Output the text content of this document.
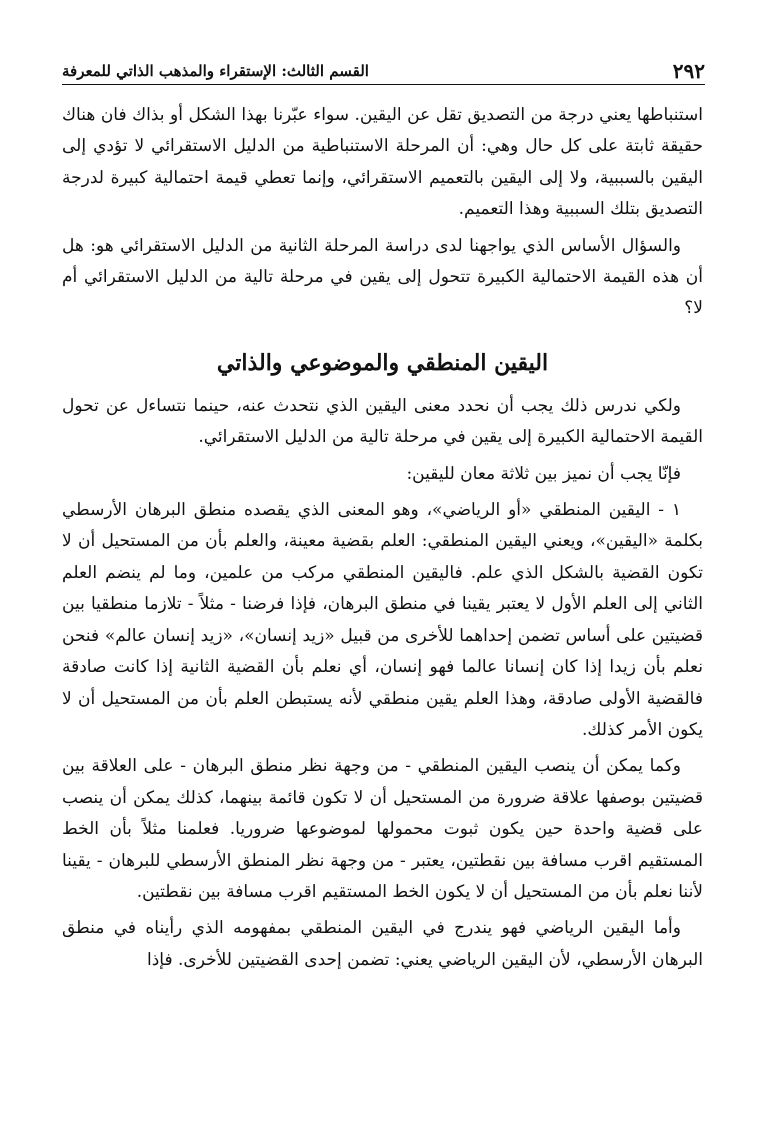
٢٩٢
القسم الثالث: الإستقراء والمذهب الذاتي للمعرفة

استنباطها يعني درجة من التصديق تقل عن اليقين. سواء عبّرنا بهذا الشكل أو بذاك فان هناك حقيقة ثابتة على كل حال وهي: أن المرحلة الاستنباطية من الدليل الاستقرائي لا تؤدي إلى اليقين بالسببية، ولا إلى اليقين بالتعميم الاستقرائي، وإنما تعطي قيمة احتمالية كبيرة لدرجة التصديق بتلك السببية وهذا التعميم.

والسؤال الأساس الذي يواجهنا لدى دراسة المرحلة الثانية من الدليل الاستقرائي هو: هل أن هذه القيمة الاحتمالية الكبيرة تتحول إلى يقين في مرحلة تالية من الدليل الاستقرائي أم لا؟

اليقين المنطقي والموضوعي والذاتي

ولكي ندرس ذلك يجب أن نحدد معنى اليقين الذي نتحدث عنه، حينما نتساءل عن تحول القيمة الاحتمالية الكبيرة إلى يقين في مرحلة تالية من الدليل الاستقرائي.

فإنّا يجب أن نميز بين ثلاثة معان لليقين:

١ - اليقين المنطقي «أو الرياضي»، وهو المعنى الذي يقصده منطق البرهان الأرسطي بكلمة «اليقين»، ويعني اليقين المنطقي: العلم بقضية معينة، والعلم بأن من المستحيل أن لا تكون القضية بالشكل الذي علم. فاليقين المنطقي مركب من علمين، وما لم ينضم العلم الثاني إلى العلم الأول لا يعتبر يقينا في منطق البرهان، فإذا فرضنا - مثلاً - تلازما منطقيا بين قضيتين على أساس تضمن إحداهما للأخرى من قبيل «زيد إنسان»، «زيد إنسان عالم» فنحن نعلم بأن زيدا إذا كان إنسانا عالما فهو إنسان، أي نعلم بأن القضية الثانية إذا كانت صادقة فالقضية الأولى صادقة، وهذا العلم يقين منطقي لأنه يستبطن العلم بأن من المستحيل أن لا يكون الأمر كذلك.

وكما يمكن أن ينصب اليقين المنطقي - من وجهة نظر منطق البرهان - على العلاقة بين قضيتين بوصفها علاقة ضرورة من المستحيل أن لا تكون قائمة بينهما، كذلك يمكن أن ينصب على قضية واحدة حين يكون ثبوت محمولها لموضوعها ضروريا. فعلمنا مثلاً بأن الخط المستقيم اقرب مسافة بين نقطتين، يعتبر - من وجهة نظر المنطق الأرسطي للبرهان - يقينا لأننا نعلم بأن من المستحيل أن لا يكون الخط المستقيم اقرب مسافة بين نقطتين.

وأما اليقين الرياضي فهو يندرج في اليقين المنطقي بمفهومه الذي رأيناه في منطق البرهان الأرسطي، لأن اليقين الرياضي يعني: تضمن إحدى القضيتين للأخرى. فإذا
